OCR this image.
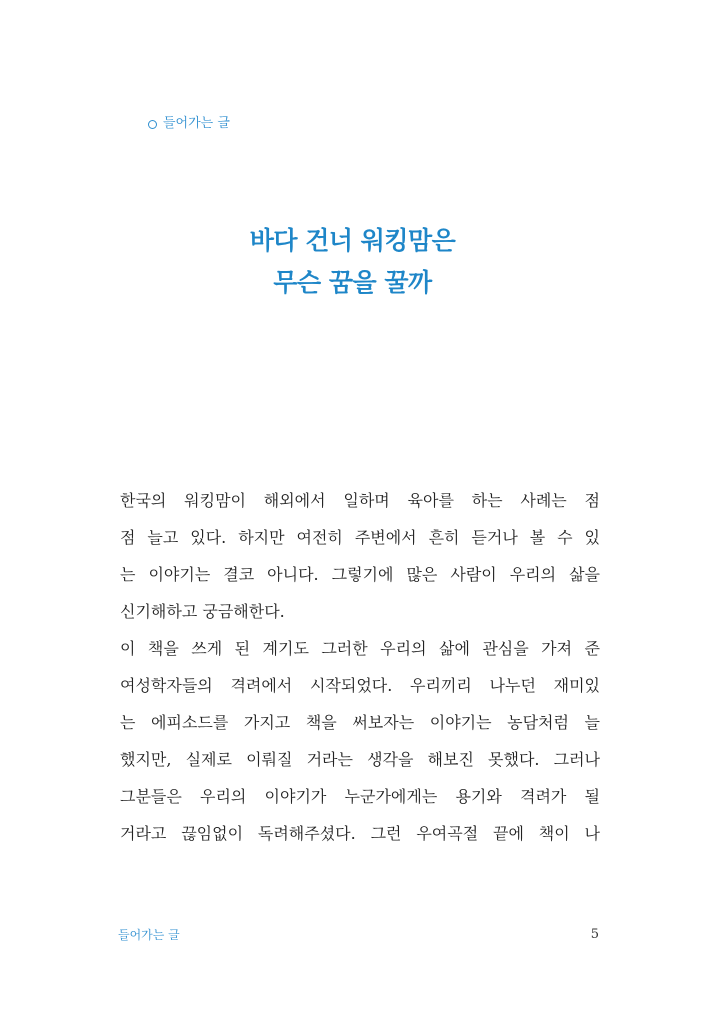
들어가는 글
바다 건너 워킹맘은
무슨 꿈을 꿀까
한국의 워킹맘이 해외에서 일하며 육아를 하는 사례는 점
점 늘고 있다. 하지만 여전히 주변에서 흔히 듣거나 볼 수 있
는 이야기는 결코 아니다. 그렇기에 많은 사람이 우리의 삶을
신기해하고 궁금해한다.
이 책을 쓰게 된 계기도 그러한 우리의 삶에 관심을 가져 준
여성학자들의 격려에서 시작되었다. 우리끼리 나누던 재미있
는 에피소드를 가지고 책을 써보자는 이야기는 농담처럼 늘
했지만, 실제로 이뤄질 거라는 생각을 해보진 못했다. 그러나
그분들은 우리의 이야기가 누군가에게는 용기와 격려가 될
거라고 끊임없이 독려해주셨다. 그런 우여곡절 끝에 책이 나
들어가는 글	5
